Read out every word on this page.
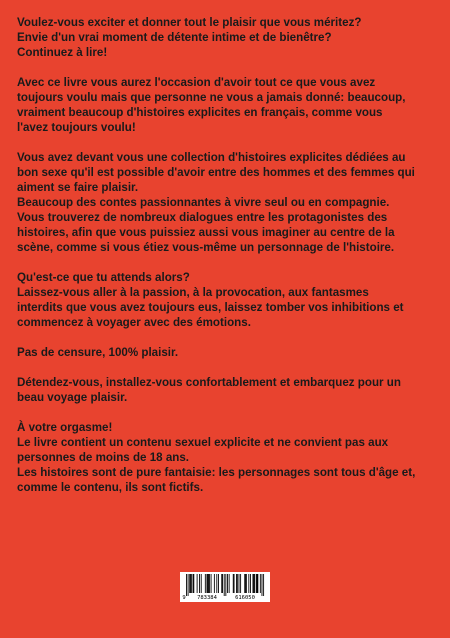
Voulez-vous exciter et donner tout le plaisir que vous méritez?
Envie d'un vrai moment de détente intime et de bienêtre?
Continuez à lire!

Avec ce livre vous aurez l'occasion d'avoir tout ce que vous avez
toujours voulu mais que personne ne vous a jamais donné: beaucoup,
vraiment beaucoup d'histoires explicites en français, comme vous
l'avez toujours voulu!

Vous avez devant vous une collection d'histoires explicites dédiées au
bon sexe qu'il est possible d'avoir entre des hommes et des femmes qui
aiment se faire plaisir.
Beaucoup des contes passionnantes à vivre seul ou en compagnie.
Vous trouverez de nombreux dialogues entre les protagonistes des
histoires, afin que vous puissiez aussi vous imaginer au centre de la
scène, comme si vous étiez vous-même un personnage de l'histoire.

Qu'est-ce que tu attends alors?
Laissez-vous aller à la passion, à la provocation, aux fantasmes
interdits que vous avez toujours eus, laissez tomber vos inhibitions et
commencez à voyager avec des émotions.

Pas de censure, 100% plaisir.

Détendez-vous, installez-vous confortablement et embarquez pour un
beau voyage plaisir.

À votre orgasme!
Le livre contient un contenu sexuel explicite et ne convient pas aux
personnes de moins de 18 ans.
Les histoires sont de pure fantaisie: les personnages sont tous d'âge et,
comme le contenu, ils sont fictifs.

9	783384	616050
